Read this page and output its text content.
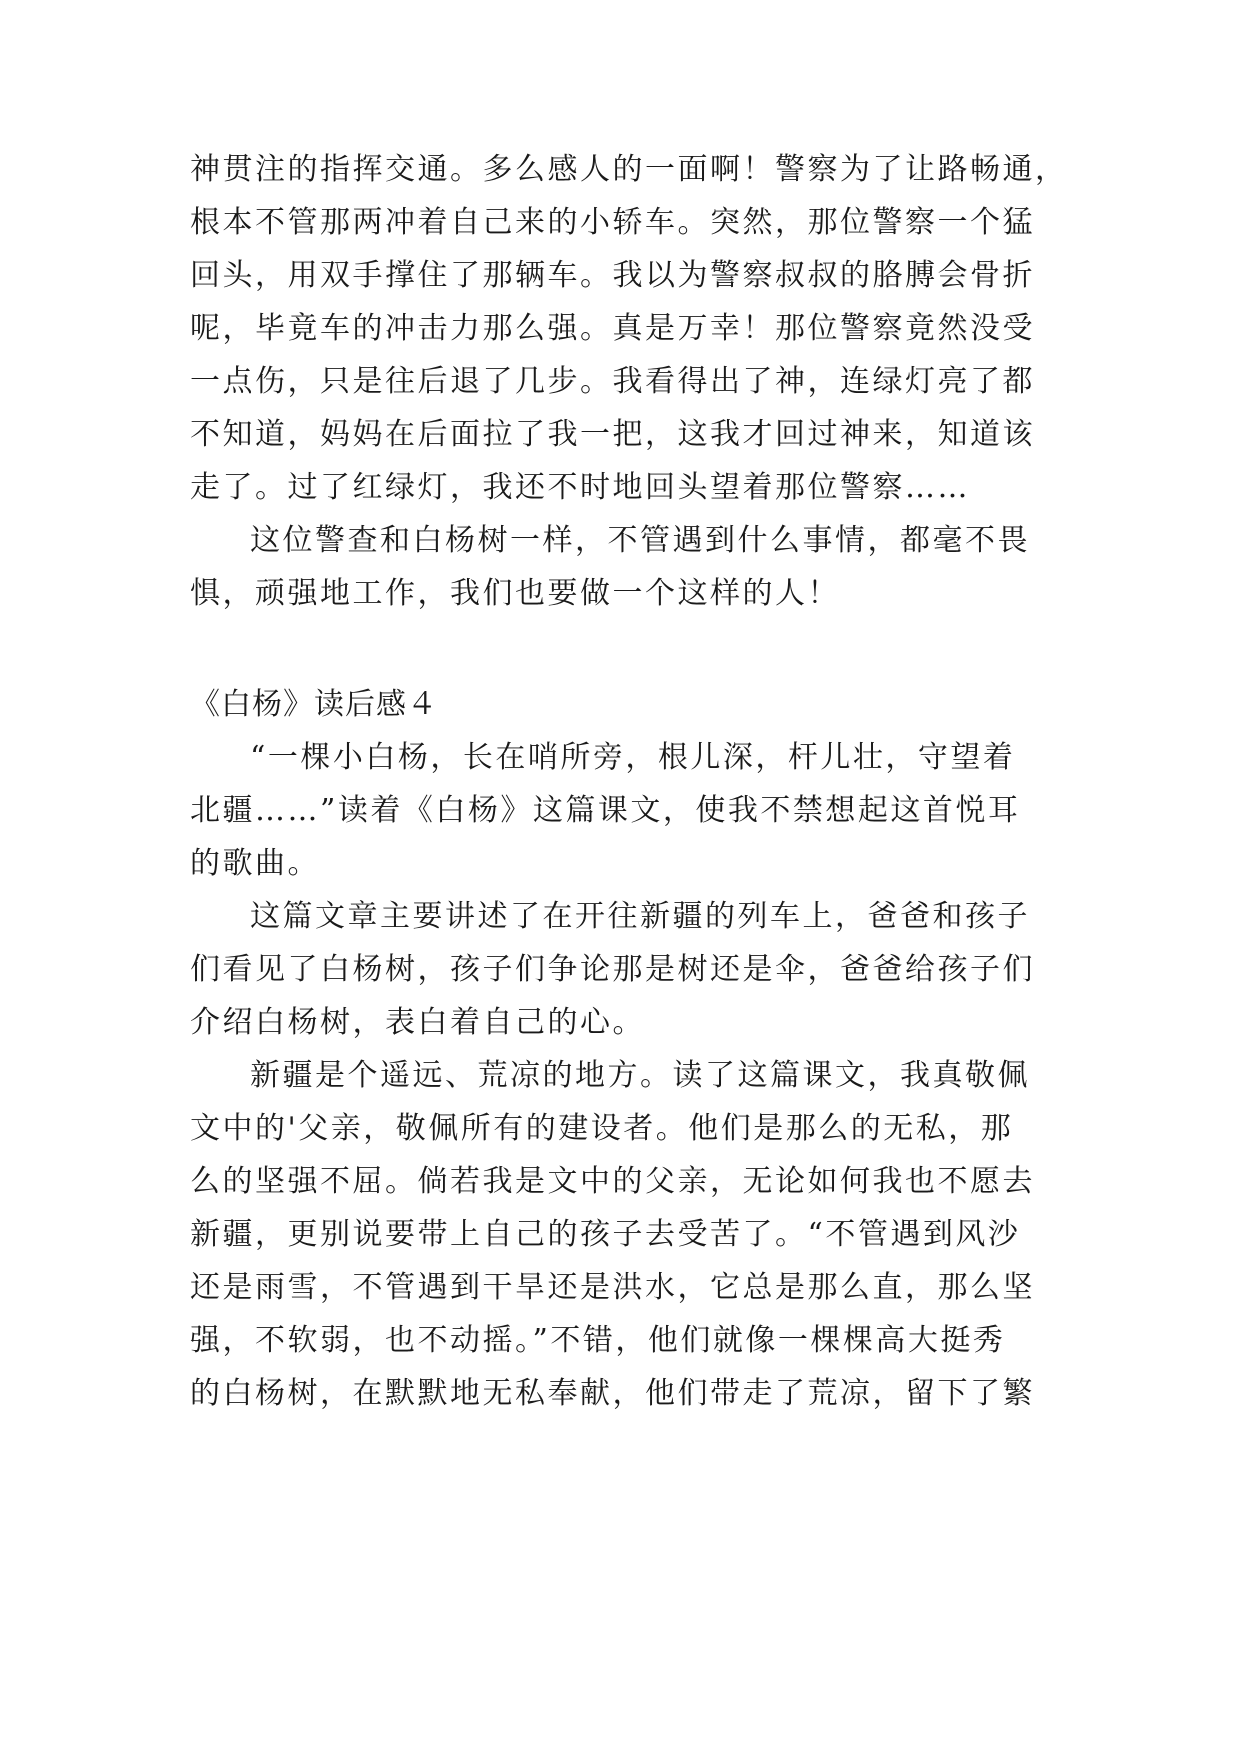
神贯注的指挥交通。多么感人的一面啊！警察为了让路畅通，
根本不管那两冲着自己来的小轿车。突然，那位警察一个猛
回头，用双手撑住了那辆车。我以为警察叔叔的胳膊会骨折
呢，毕竟车的冲击力那么强。真是万幸！那位警察竟然没受
一点伤，只是往后退了几步。我看得出了神，连绿灯亮了都
不知道，妈妈在后面拉了我一把，这我才回过神来，知道该
走了。过了红绿灯，我还不时地回头望着那位警察……
这位警查和白杨树一样，不管遇到什么事情，都毫不畏
惧，顽强地工作，我们也要做一个这样的人！
《白杨》读后感４
“一棵小白杨，长在哨所旁，根儿深，杆儿壮，守望着
北疆……”读着《白杨》这篇课文，使我不禁想起这首悦耳
的歌曲。
这篇文章主要讲述了在开往新疆的列车上，爸爸和孩子
们看见了白杨树，孩子们争论那是树还是伞，爸爸给孩子们
介绍白杨树，表白着自己的心。
新疆是个遥远、荒凉的地方。读了这篇课文，我真敬佩
文中的'父亲，敬佩所有的建设者。他们是那么的无私，那
么的坚强不屈。倘若我是文中的父亲，无论如何我也不愿去
新疆，更别说要带上自己的孩子去受苦了。“不管遇到风沙
还是雨雪，不管遇到干旱还是洪水，它总是那么直，那么坚
强，不软弱，也不动摇。”不错，他们就像一棵棵高大挺秀
的白杨树，在默默地无私奉献，他们带走了荒凉，留下了繁
